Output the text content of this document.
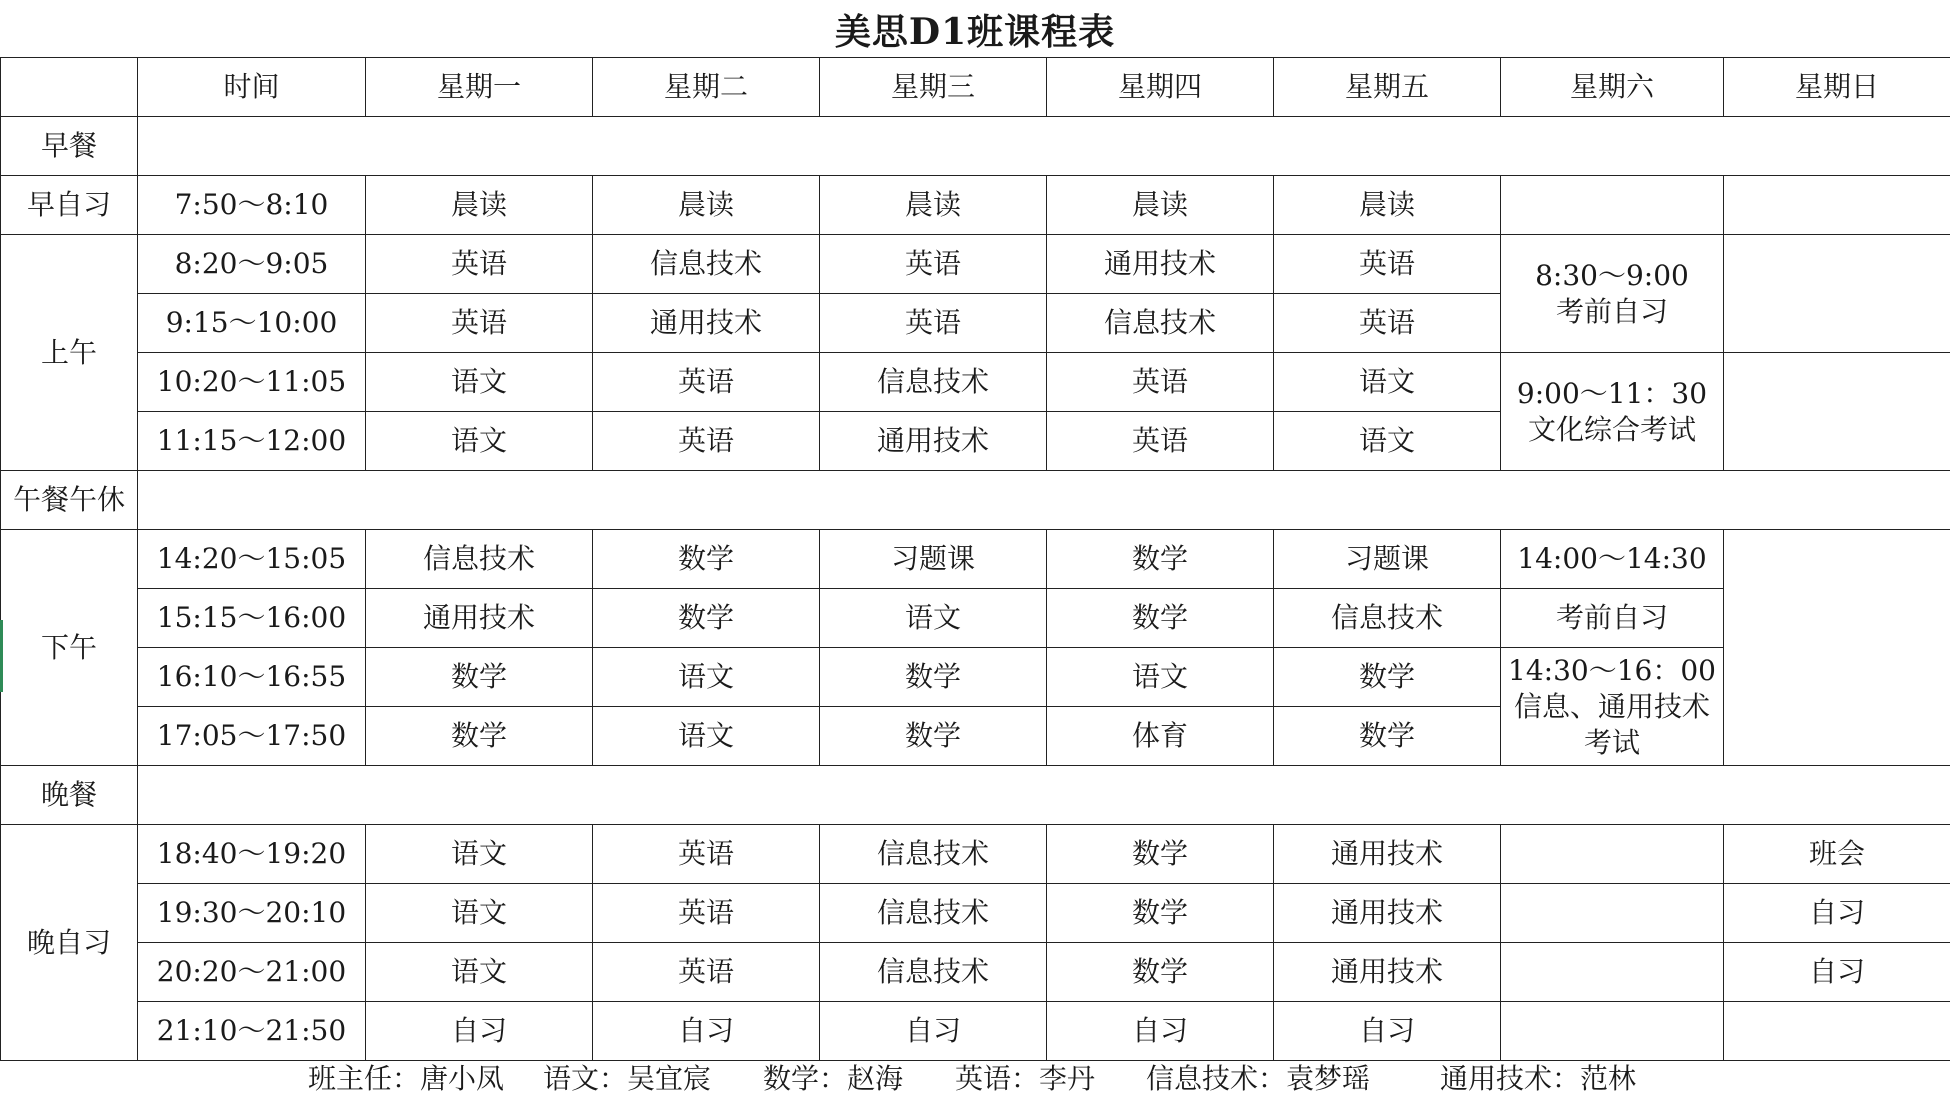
美思D1班课程表
	时间	星期一	星期二	星期三	星期四	星期五	星期六	星期日
早餐								
早自习	7:50～8:10	晨读	晨读	晨读	晨读	晨读		
上午	8:20～9:05	英语	信息技术	英语	通用技术	英语	8:30～9:00
考前自习	

	9:15～10:00	英语	通用技术	英语	信息技术	英语		
	10:20～11:05	语文	英语	信息技术	英语	语文	9:00～11：30
文化综合考试	

	11:15～12:00	语文	英语	通用技术	英语	语文		
午餐午休								
下午	14:20～15:05	信息技术	数学	习题课	数学	习题课	14:00～14:30	
	15:15～16:00	通用技术	数学	语文	数学	信息技术	考前自习	
	16:10～16:55	数学	语文	数学	语文	数学	14:30～16：00
信息、通用技术
考试	

	17:05～17:50	数学	语文	数学	体育	数学		
晚餐								
晚自习	18:40～19:20	语文	英语	信息技术	数学	通用技术		班会
	19:30～20:10	语文	英语	信息技术	数学	通用技术		自习
	20:20～21:00	语文	英语	信息技术	数学	通用技术		自习
	21:10～21:50	自习	自习	自习	自习	自习		
班主任：唐小凤 语文：吴宜宸 数学：赵海 英语：李丹 信息技术：袁梦瑶 通用技术：范林
